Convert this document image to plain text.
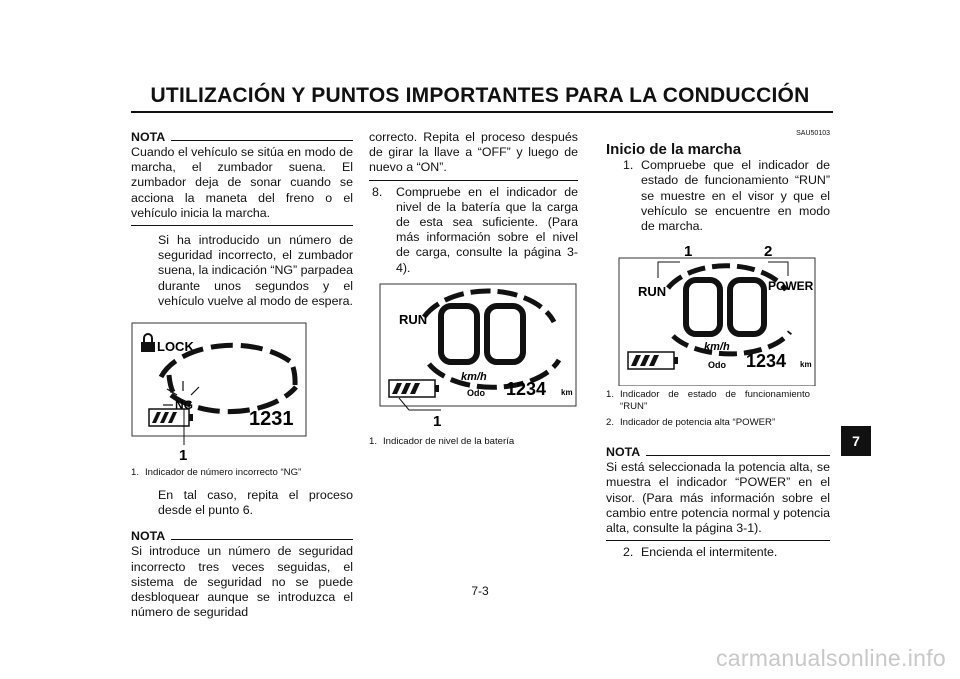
UTILIZACIÓN Y PUNTOS IMPORTANTES PARA LA CONDUCCIÓN
NOTA

Cuando el vehículo se sitúa en modo de marcha, el zumbador suena. El zumbador deja de sonar cuando se acciona la maneta del freno o el vehículo inicia la marcha.

Si ha introducido un número de seguridad incorrecto, el zumbador suena, la indicación “NG” parpadea durante unos segundos y el vehículo vuelve al modo de espera.

LOCK
NG
1231
1
1. Indicador de número incorrecto “NG”

En tal caso, repita el proceso desde el punto 6.

NOTA

Si introduce un número de seguridad incorrecto tres veces seguidas, el sistema de seguridad no se puede desbloquear aunque se introduzca el número de seguridad

correcto. Repita el proceso después de girar la llave a “OFF” y luego de nuevo a “ON”.

8.	Compruebe en el indicador de nivel de la batería que la carga de esta sea suficiente. (Para más información sobre el nivel de carga, consulte la página 3-4).
RUN
km/h
Odo 1234 km
1
1. Indicador de nivel de la batería
SAU50103
Inicio de la marcha
1. Compruebe que el indicador de estado de funcionamiento “RUN” se muestre en el visor y que el vehículo se encuentre en modo de marcha.
1	2
RUN	POWER
km/h
Odo 1234 km
1. Indicador de estado de funcionamiento “RUN”
2. Indicador de potencia alta “POWER”
NOTA

Si está seleccionada la potencia alta, se muestra el indicador “POWER” en el visor. (Para más información sobre el cambio entre potencia normal y potencia alta, consulte la página 3-1).

2. Encienda el intermitente.
7
7-3
carmanualsonline.info
